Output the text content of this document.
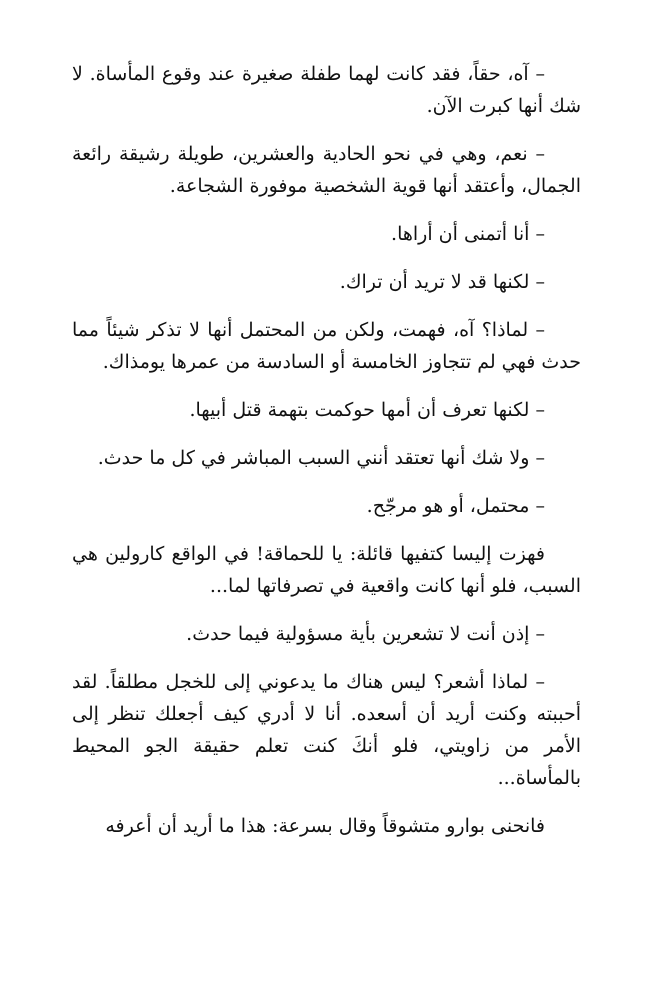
– آه، حقاً، فقد كانت لهما طفلة صغيرة عند وقوع المأساة. لا شك أنها كبرت الآن.

– نعم، وهي في نحو الحادية والعشرين، طويلة رشيقة رائعة الجمال، وأعتقد أنها قوية الشخصية موفورة الشجاعة.

– أنا أتمنى أن أراها.

– لكنها قد لا تريد أن تراك.

– لماذا؟ آه، فهمت، ولكن من المحتمل أنها لا تذكر شيئاً مما حدث فهي لم تتجاوز الخامسة أو السادسة من عمرها يومذاك.

– لكنها تعرف أن أمها حوكمت بتهمة قتل أبيها.

– ولا شك أنها تعتقد أنني السبب المباشر في كل ما حدث.

– محتمل، أو هو مرجّح.

فهزت إليسا كتفيها قائلة: يا للحماقة! في الواقع كارولين هي السبب، فلو أنها كانت واقعية في تصرفاتها لما...

– إذن أنت لا تشعرين بأية مسؤولية فيما حدث.

– لماذا أشعر؟ ليس هناك ما يدعوني إلى للخجل مطلقاً. لقد أحببته وكنت أريد أن أسعده. أنا لا أدري كيف أجعلك تنظر إلى الأمر من زاويتي، فلو أنكَ كنت تعلم حقيقة الجو المحيط بالمأساة...

فانحنى بوارو متشوقاً وقال بسرعة: هذا ما أريد أن أعرفه
